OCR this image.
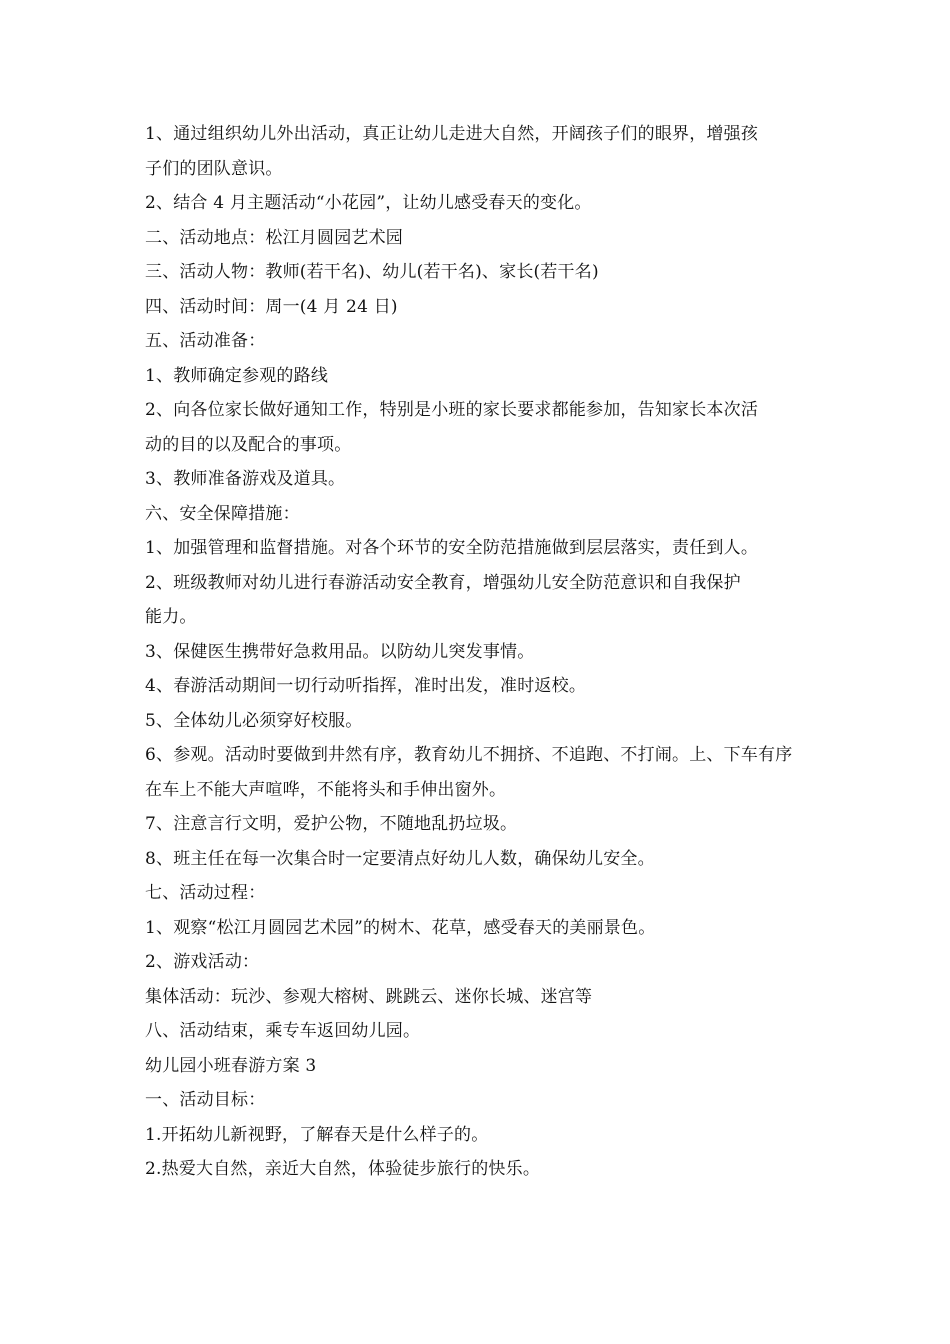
1、通过组织幼儿外出活动，真正让幼儿走进大自然，开阔孩子们的眼界，增强孩
子们的团队意识。
2、结合 4 月主题活动“小花园”，让幼儿感受春天的变化。
二、活动地点：松江月圆园艺术园
三、活动人物：教师(若干名)、幼儿(若干名)、家长(若干名)
四、活动时间：周一(4 月 24 日)
五、活动准备：
1、教师确定参观的路线
2、向各位家长做好通知工作，特别是小班的家长要求都能参加，告知家长本次活
动的目的以及配合的事项。
3、教师准备游戏及道具。
六、安全保障措施：
1、加强管理和监督措施。对各个环节的安全防范措施做到层层落实，责任到人。
2、班级教师对幼儿进行春游活动安全教育，增强幼儿安全防范意识和自我保护
能力。
3、保健医生携带好急救用品。以防幼儿突发事情。
4、春游活动期间一切行动听指挥，准时出发，准时返校。
5、全体幼儿必须穿好校服。
6、参观。活动时要做到井然有序，教育幼儿不拥挤、不追跑、不打闹。上、下车有序
在车上不能大声喧哗，不能将头和手伸出窗外。
7、注意言行文明，爱护公物，不随地乱扔垃圾。
8、班主任在每一次集合时一定要清点好幼儿人数，确保幼儿安全。
七、活动过程：
1、观察“松江月圆园艺术园”的树木、花草，感受春天的美丽景色。
2、游戏活动：
集体活动：玩沙、参观大榕树、跳跳云、迷你长城、迷宫等
八、活动结束，乘专车返回幼儿园。
幼儿园小班春游方案 3
一、活动目标：
1.开拓幼儿新视野，了解春天是什么样子的。
2.热爱大自然，亲近大自然，体验徒步旅行的快乐。
